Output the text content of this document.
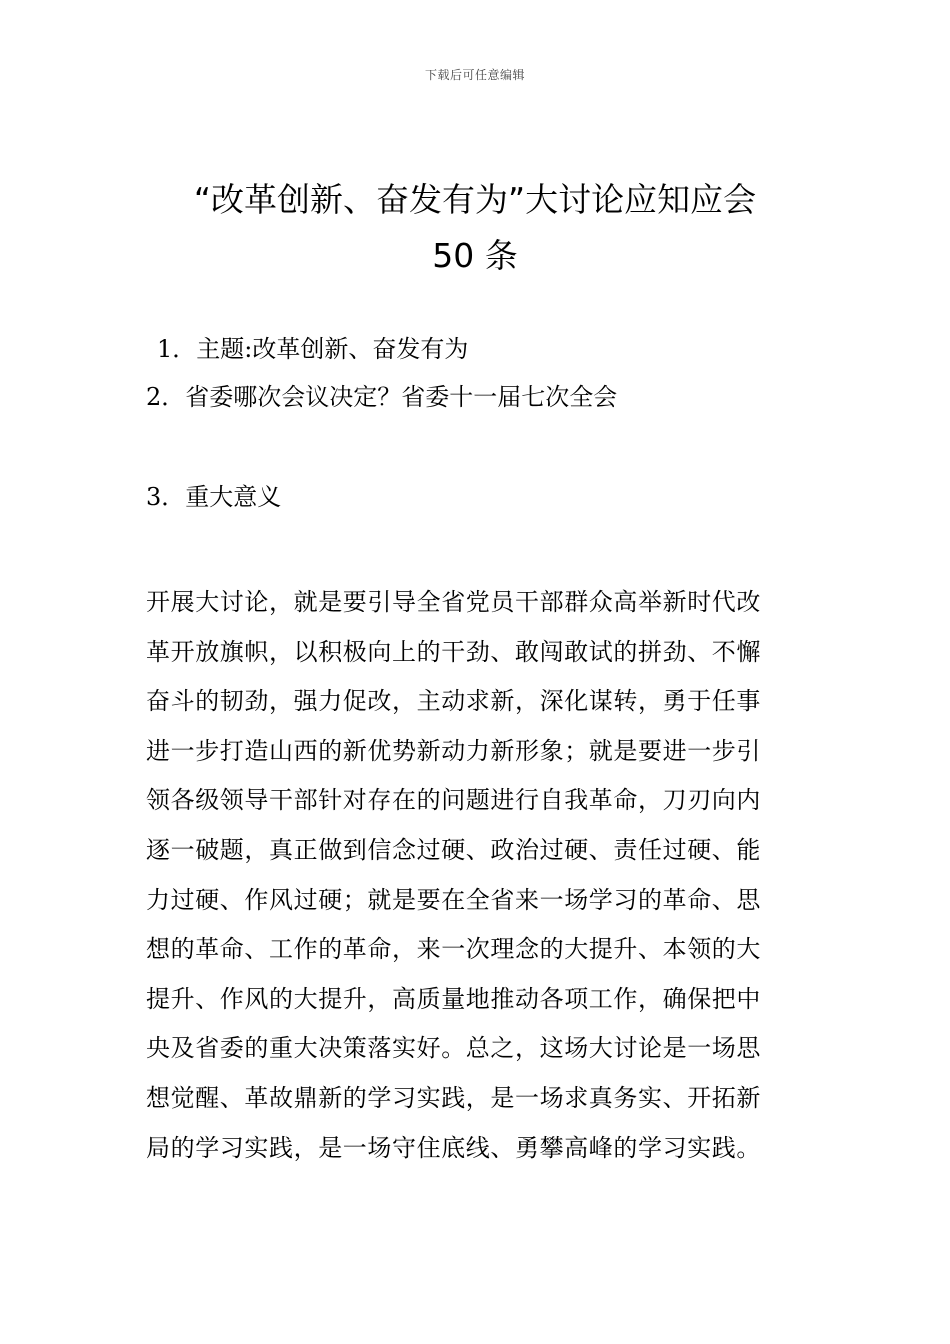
下载后可任意编辑
“改革创新、奋发有为”大讨论应知应会
50 条
1．主题:改革创新、奋发有为
2．省委哪次会议决定？省委十一届七次全会
3．重大意义
开展大讨论，就是要引导全省党员干部群众高举新时代改
革开放旗帜，以积极向上的干劲、敢闯敢试的拼劲、不懈
奋斗的韧劲，强力促改，主动求新，深化谋转，勇于任事
进一步打造山西的新优势新动力新形象；就是要进一步引
领各级领导干部针对存在的问题进行自我革命，刀刃向内
逐一破题，真正做到信念过硬、政治过硬、责任过硬、能
力过硬、作风过硬；就是要在全省来一场学习的革命、思
想的革命、工作的革命，来一次理念的大提升、本领的大
提升、作风的大提升，高质量地推动各项工作，确保把中
央及省委的重大决策落实好。总之，这场大讨论是一场思
想觉醒、革故鼎新的学习实践，是一场求真务实、开拓新
局的学习实践，是一场守住底线、勇攀高峰的学习实践。
